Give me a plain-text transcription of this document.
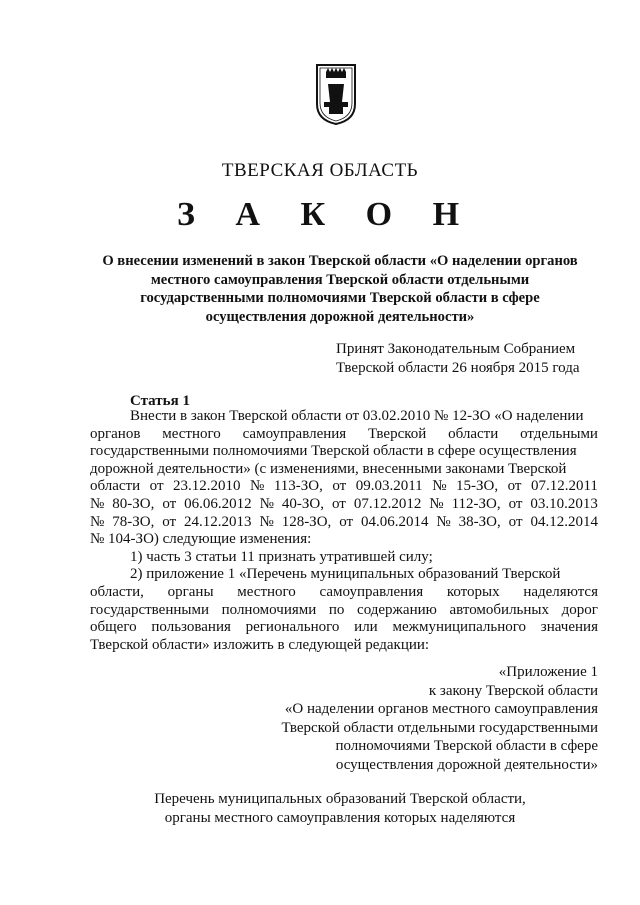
ТВЕРСКАЯ ОБЛАСТЬ
З А К О Н
О внесении изменений в закон Тверской области «О наделении органов
местного самоуправления Тверской области отдельными
государственными полномочиями Тверской области в сфере
осуществления дорожной деятельности»
Принят Законодательным Собранием
Тверской области 26 ноября 2015 года
Статья 1
Внести в закон Тверской области от 03.02.2010 № 12-ЗО «О наделении
органов местного самоуправления Тверской области отдельными
государственными полномочиями Тверской области в сфере осуществления
дорожной деятельности» (с изменениями, внесенными законами Тверской
области от 23.12.2010 № 113-ЗО, от 09.03.2011 № 15-ЗО, от 07.12.2011
№ 80-ЗО, от 06.06.2012 № 40-ЗО, от 07.12.2012 № 112-ЗО, от 03.10.2013
№ 78-ЗО, от 24.12.2013 № 128-ЗО, от 04.06.2014 № 38-ЗО, от 04.12.2014
№ 104-ЗО) следующие изменения:
1) часть 3 статьи 11 признать утратившей силу;
2) приложение 1 «Перечень муниципальных образований Тверской
области, органы местного самоуправления которых наделяются
государственными полномочиями по содержанию автомобильных дорог
общего пользования регионального или межмуниципального значения
Тверской области» изложить в следующей редакции:
«Приложение 1
к закону Тверской области
«О наделении органов местного самоуправления
Тверской области отдельными государственными
полномочиями Тверской области в сфере
осуществления дорожной деятельности»
Перечень муниципальных образований Тверской области,
органы местного самоуправления которых наделяются
